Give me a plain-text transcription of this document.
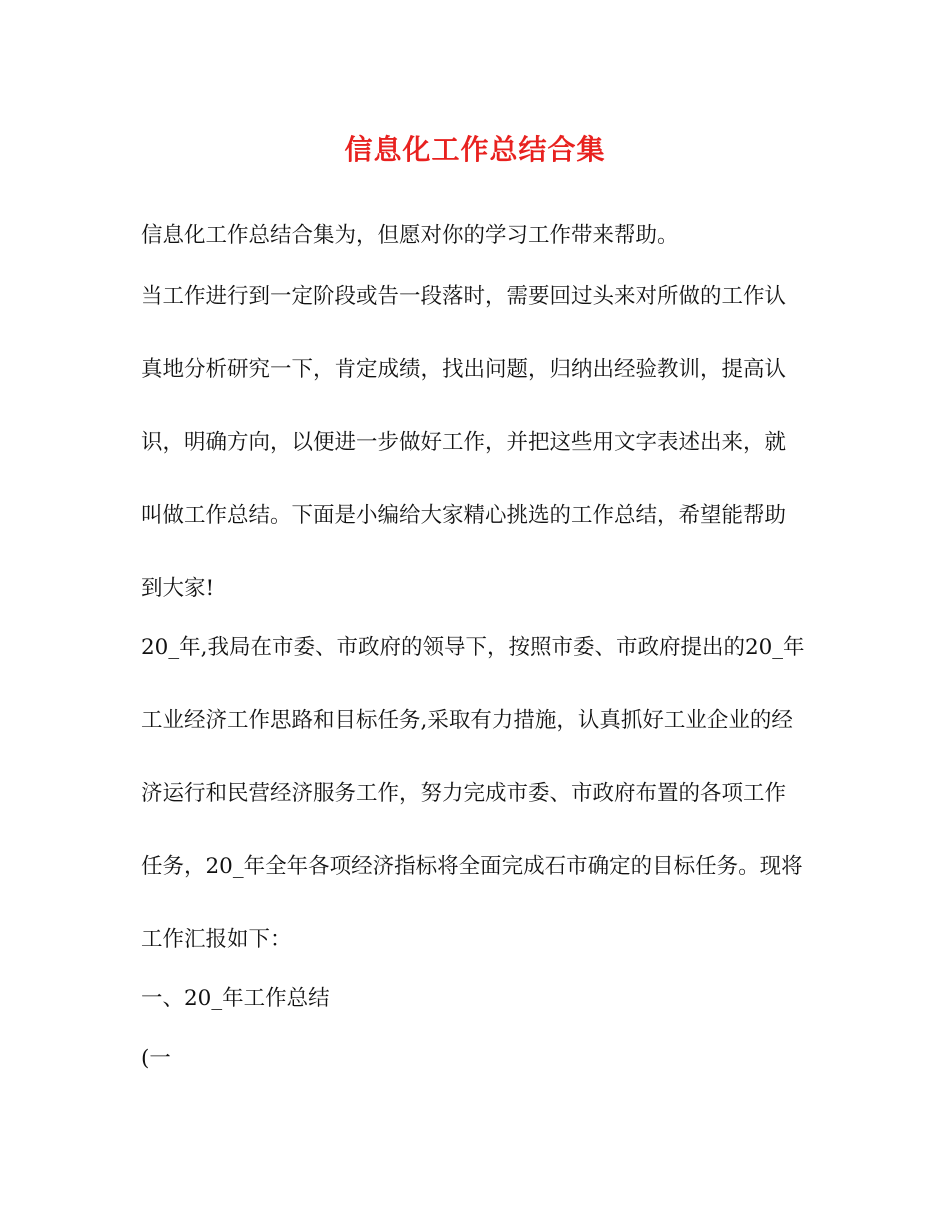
信息化工作总结合集

信息化工作总结合集为，但愿对你的学习工作带来帮助。

当工作进行到一定阶段或告一段落时，需要回过头来对所做的工作认

真地分析研究一下，肯定成绩，找出问题，归纳出经验教训，提高认

识，明确方向，以便进一步做好工作，并把这些用文字表述出来，就

叫做工作总结。下面是小编给大家精心挑选的工作总结，希望能帮助

到大家!

20_年,我局在市委、市政府的领导下，按照市委、市政府提出的20_年

工业经济工作思路和目标任务,采取有力措施，认真抓好工业企业的经

济运行和民营经济服务工作，努力完成市委、市政府布置的各项工作

任务，20_年全年各项经济指标将全面完成石市确定的目标任务。现将

工作汇报如下：

一、20_年工作总结

(一
